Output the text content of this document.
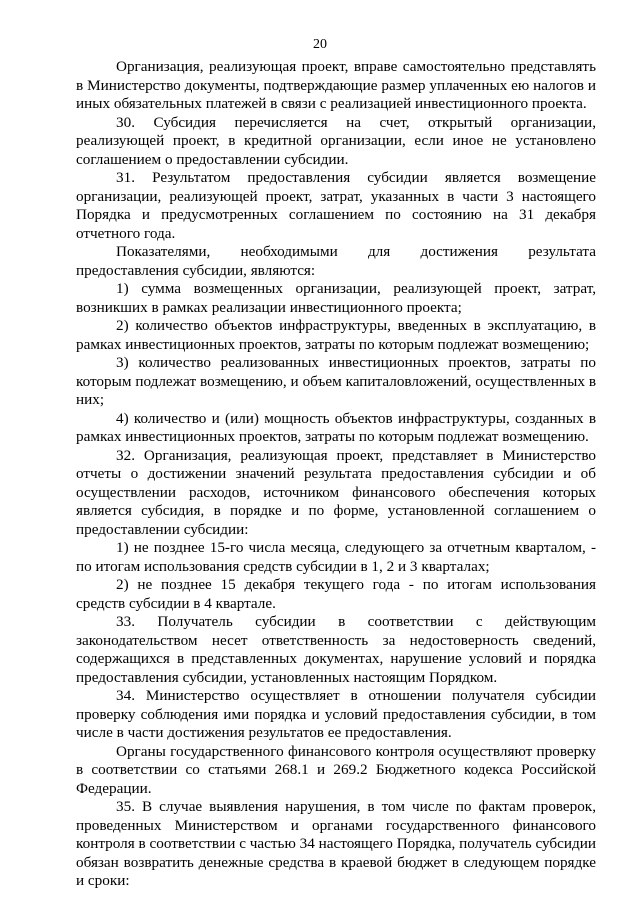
20

Организация, реализующая проект, вправе самостоятельно представлять в Министерство документы, подтверждающие размер уплаченных ею налогов и иных обязательных платежей в связи с реализацией инвестиционного проекта.

30. Субсидия перечисляется на счет, открытый организации, реализующей проект, в кредитной организации, если иное не установлено соглашением о предоставлении субсидии.

31. Результатом предоставления субсидии является возмещение организации, реализующей проект, затрат, указанных в части 3 настоящего Порядка и предусмотренных соглашением по состоянию на 31 декабря отчетного года.

Показателями, необходимыми для достижения результата предоставления субсидии, являются:

1) сумма возмещенных организации, реализующей проект, затрат, возникших в рамках реализации инвестиционного проекта;

2) количество объектов инфраструктуры, введенных в эксплуатацию, в рамках инвестиционных проектов, затраты по которым подлежат возмещению;

3) количество реализованных инвестиционных проектов, затраты по которым подлежат возмещению, и объем капиталовложений, осуществленных в них;

4) количество и (или) мощность объектов инфраструктуры, созданных в рамках инвестиционных проектов, затраты по которым подлежат возмещению.

32. Организация, реализующая проект, представляет в Министерство отчеты о достижении значений результата предоставления субсидии и об осуществлении расходов, источником финансового обеспечения которых является субсидия, в порядке и по форме, установленной соглашением о предоставлении субсидии:

1) не позднее 15-го числа месяца, следующего за отчетным кварталом, - по итогам использования средств субсидии в 1, 2 и 3 кварталах;

2) не позднее 15 декабря текущего года - по итогам использования средств субсидии в 4 квартале.

33. Получатель субсидии в соответствии с действующим законодательством несет ответственность за недостоверность сведений, содержащихся в представленных документах, нарушение условий и порядка предоставления субсидии, установленных настоящим Порядком.

34. Министерство осуществляет в отношении получателя субсидии проверку соблюдения ими порядка и условий предоставления субсидии, в том числе в части достижения результатов ее предоставления.

Органы государственного финансового контроля осуществляют проверку в соответствии со статьями 268.1 и 269.2 Бюджетного кодекса Российской Федерации.

35. В случае выявления нарушения, в том числе по фактам проверок, проведенных Министерством и органами государственного финансового контроля в соответствии с частью 34 настоящего Порядка, получатель субсидии обязан возвратить денежные средства в краевой бюджет в следующем порядке и сроки:
